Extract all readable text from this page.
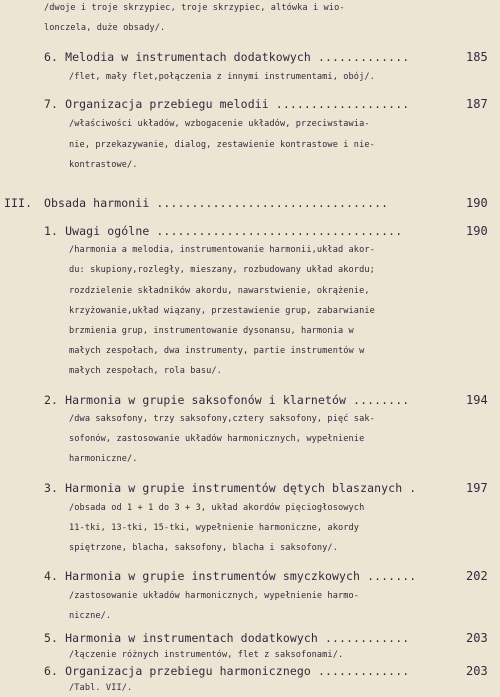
/dwoje i troje skrzypiec, troje skrzypiec, altówka i wio-
lonczela, duże obsady/.
6. Melodia w instrumentach dodatkowych .............	185
/flet, mały flet,połączenia z innymi instrumentami, obój/.
7. Organizacja przebiegu melodii ...................	187
/właściwości układów, wzbogacenie układów, przeciwstawia-
nie, przekazywanie, dialog, zestawienie kontrastowe i nie-
kontrastowe/.
III. Obsada harmonii .................................	190
1. Uwagi ogólne ...................................	190
/harmonia a melodia, instrumentowanie harmonii,układ akor-
du: skupiony,rozległy, mieszany, rozbudowany układ akordu;
rozdzielenie składników akordu, nawarstwienie, okrążenie,
krzyżowanie,układ wiązany, przestawienie grup, zabarwianie
brzmienia grup, instrumentowanie dysonansu, harmonia w
małych zespołach, dwa instrumenty, partie instrumentów w
małych zespołach, rola basu/.
2. Harmonia w grupie saksofonów i klarnetów ........	194
/dwa saksofony, trzy saksofony,cztery saksofony, pięć sak-
sofonów, zastosowanie układów harmonicznych, wypełnienie
harmoniczne/.
3. Harmonia w grupie instrumentów dętych blaszanych .	197
/obsada od 1 + 1 do 3 + 3, układ akordów pięciogłosowych
11-tki, 13-tki, 15-tki, wypełnienie harmoniczne, akordy
spiętrzone, blacha, saksofony, blacha i saksofony/.
4. Harmonia w grupie instrumentów smyczkowych .......	202
/zastosowanie układów harmonicznych, wypełnienie harmo-
niczne/.
5. Harmonia w instrumentach dodatkowych ............	203
/łączenie różnych instrumentów, flet z saksofonami/.
6. Organizacja przebiegu harmonicznego .............	203
/Tabl. VII/.
